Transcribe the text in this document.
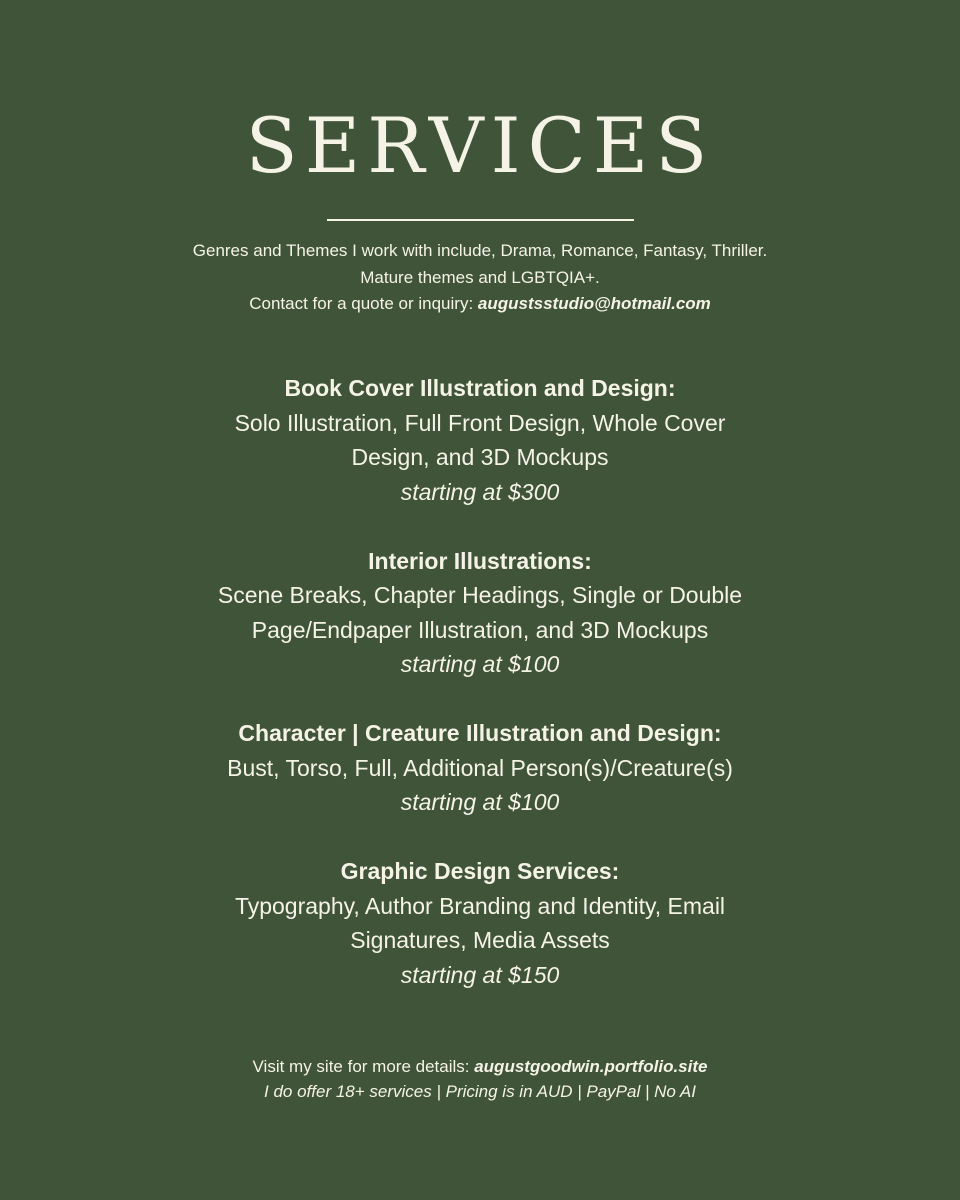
SERVICES
Genres and Themes I work with include, Drama, Romance, Fantasy, Thriller.
Mature themes and LGBTQIA+.
Contact for a quote or inquiry: augustsstudio@hotmail.com
Book Cover Illustration and Design:
Solo Illustration, Full Front Design, Whole Cover
Design, and 3D Mockups
starting at $300
Interior Illustrations:
Scene Breaks, Chapter Headings, Single or Double
Page/Endpaper Illustration, and 3D Mockups
starting at $100
Character | Creature Illustration and Design:
Bust, Torso, Full, Additional Person(s)/Creature(s)
starting at $100
Graphic Design Services:
Typography, Author Branding and Identity, Email
Signatures, Media Assets
starting at $150
Visit my site for more details: augustgoodwin.portfolio.site
I do offer 18+ services | Pricing is in AUD | PayPal | No AI
